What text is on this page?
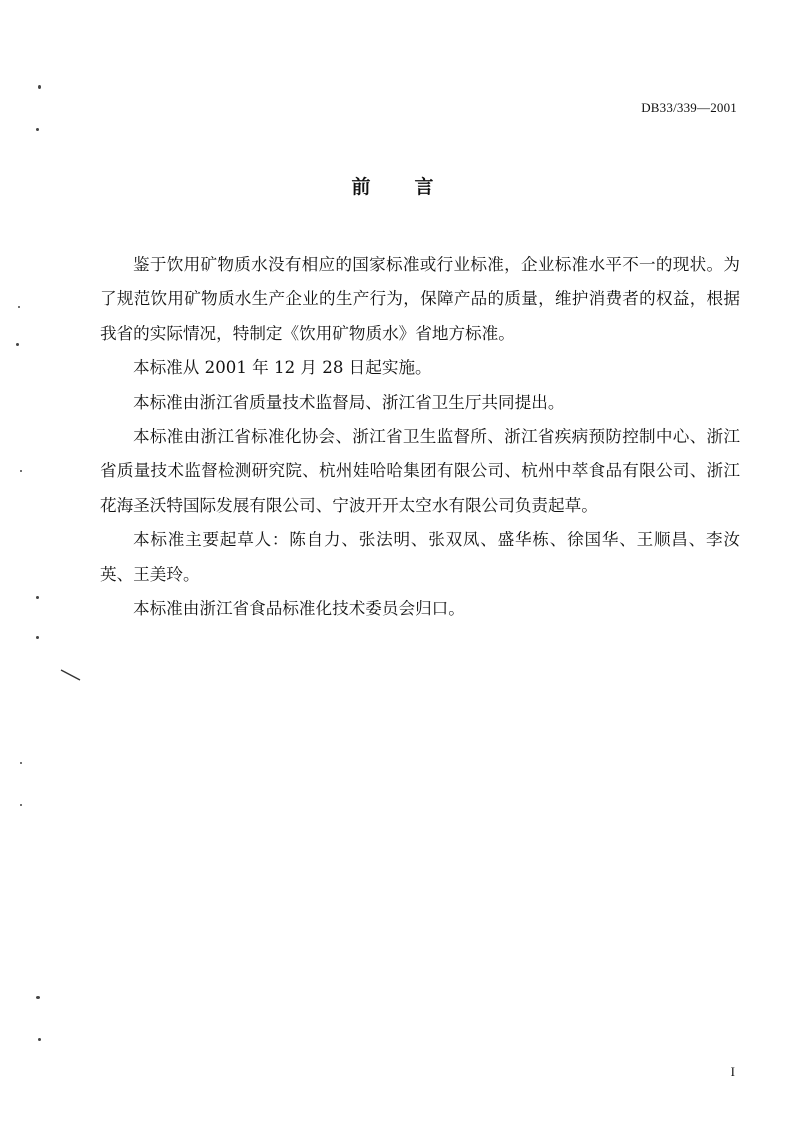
DB33/339—2001
前言

鉴于饮用矿物质水没有相应的国家标准或行业标准，企业标准水平不一的现状。为了规范饮用矿物质水生产企业的生产行为，保障产品的质量，维护消费者的权益，根据我省的实际情况，特制定《饮用矿物质水》省地方标准。

本标准从 2001 年 12 月 28 日起实施。

本标准由浙江省质量技术监督局、浙江省卫生厅共同提出。

本标准由浙江省标准化协会、浙江省卫生监督所、浙江省疾病预防控制中心、浙江省质量技术监督检测研究院、杭州娃哈哈集团有限公司、杭州中萃食品有限公司、浙江花海圣沃特国际发展有限公司、宁波开开太空水有限公司负责起草。

本标准主要起草人：陈自力、张法明、张双凤、盛华栋、徐国华、王顺昌、李汝英、王美玲。

本标准由浙江省食品标准化技术委员会归口。

I
